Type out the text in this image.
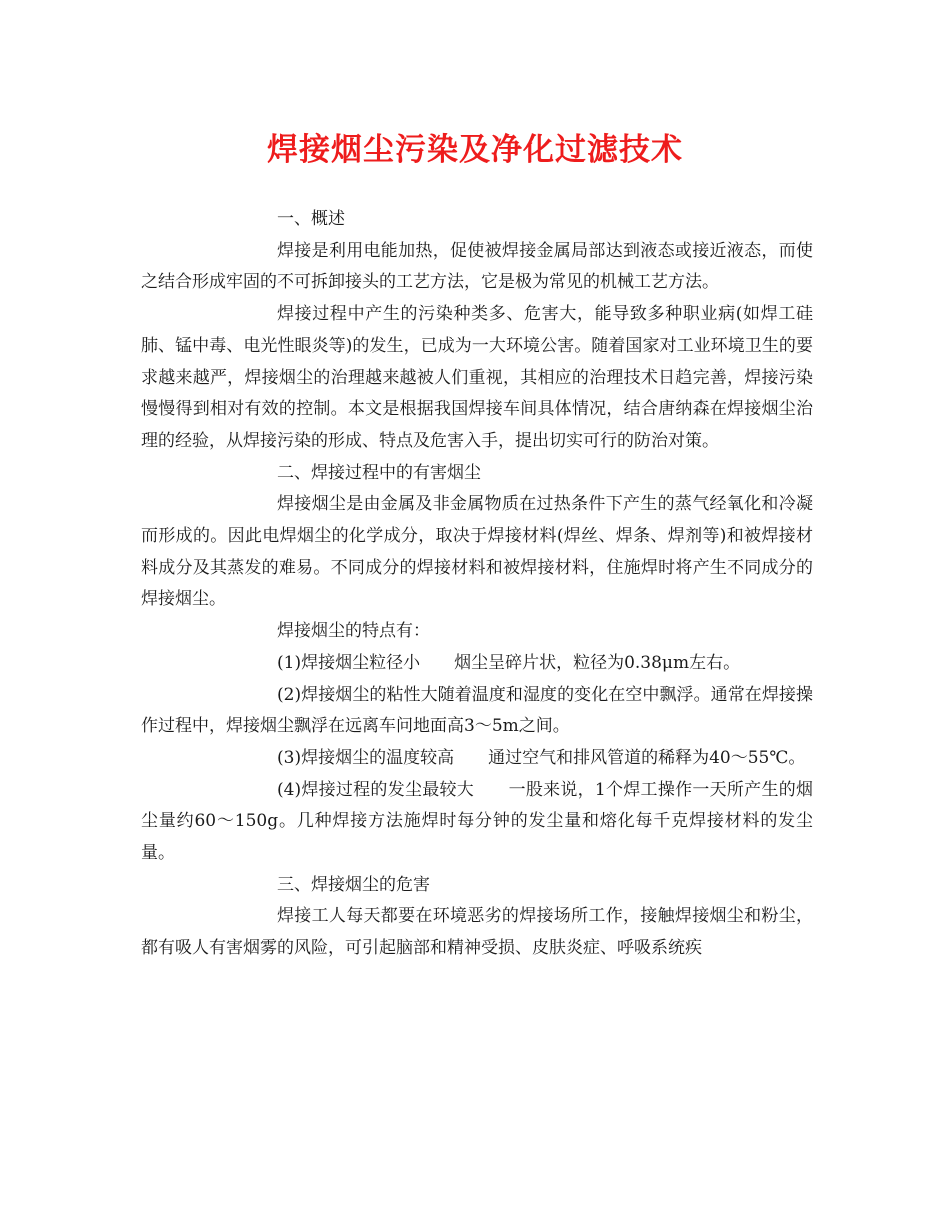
焊接烟尘污染及净化过滤技术

一、概述

焊接是利用电能加热，促使被焊接金属局部达到液态或接近液态，而使之结合形成牢固的不可拆卸接头的工艺方法，它是极为常见的机械工艺方法。

焊接过程中产生的污染种类多、危害大，能导致多种职业病(如焊工硅肺、锰中毒、电光性眼炎等)的发生，已成为一大环境公害。随着国家对工业环境卫生的要求越来越严，焊接烟尘的治理越来越被人们重视，其相应的治理技术日趋完善，焊接污染慢慢得到相对有效的控制。本文是根据我国焊接车间具体情况，结合唐纳森在焊接烟尘治理的经验，从焊接污染的形成、特点及危害入手，提出切实可行的防治对策。

二、焊接过程中的有害烟尘

焊接烟尘是由金属及非金属物质在过热条件下产生的蒸气经氧化和冷凝而形成的。因此电焊烟尘的化学成分，取决于焊接材料(焊丝、焊条、焊剂等)和被焊接材料成分及其蒸发的难易。不同成分的焊接材料和被焊接材料，住施焊时将产生不同成分的焊接烟尘。

焊接烟尘的特点有：

(1)焊接烟尘粒径小　　烟尘呈碎片状，粒径为0.38μm左右。

(2)焊接烟尘的粘性大随着温度和湿度的变化在空中飘浮。通常在焊接操作过程中，焊接烟尘飘浮在远离车问地面高3～5m之间。

(3)焊接烟尘的温度较高　　通过空气和排风管道的稀释为40～55℃。

(4)焊接过程的发尘最较大　　一股来说，1个焊工操作一天所产生的烟尘量约60～150g。几种焊接方法施焊时每分钟的发尘量和熔化每千克焊接材料的发尘量。

三、焊接烟尘的危害

焊接工人每天都要在环境恶劣的焊接场所工作，接触焊接烟尘和粉尘，都有吸人有害烟雾的风险，可引起脑部和精神受损、皮肤炎症、呼吸系统疾
